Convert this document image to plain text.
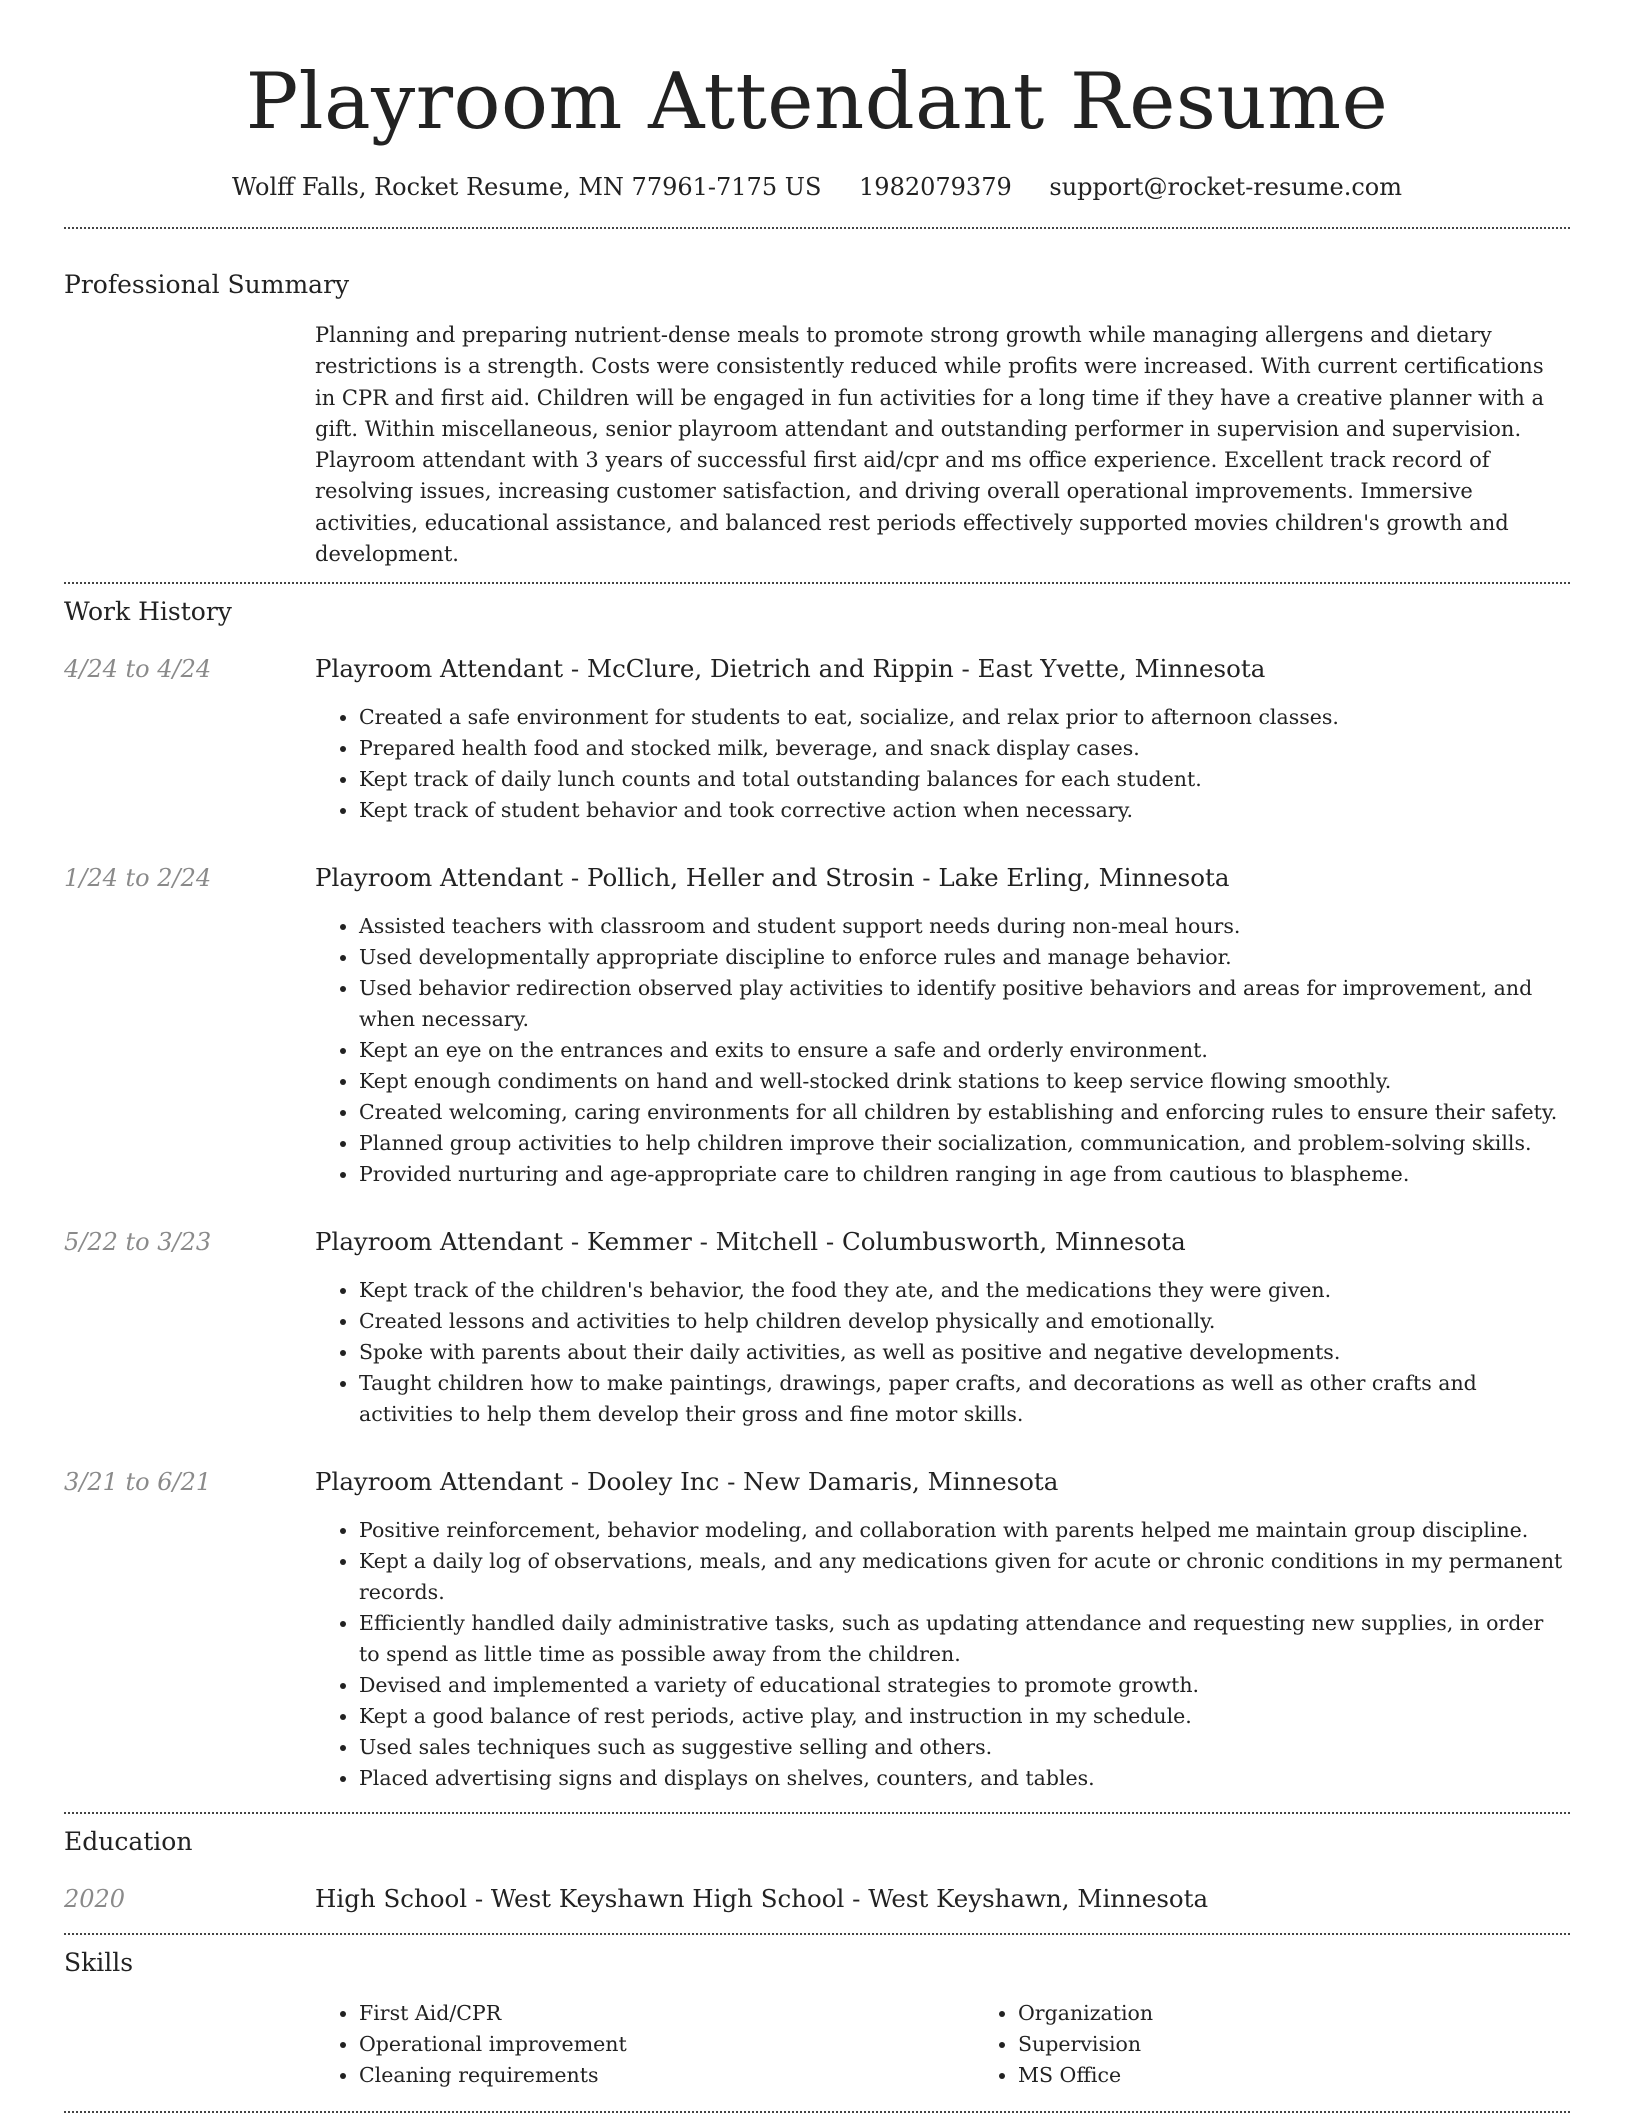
Playroom Attendant Resume
Wolff Falls, Rocket Resume, MN 77961-7175 US 1982079379 support@rocket-resume.com
Professional Summary

Planning and preparing nutrient-dense meals to promote strong growth while managing allergens and dietary restrictions is a strength. Costs were consistently reduced while profits were increased. With current certifications in CPR and first aid. Children will be engaged in fun activities for a long time if they have a creative planner with a gift. Within miscellaneous, senior playroom attendant and outstanding performer in supervision and supervision. Playroom attendant with 3 years of successful first aid/cpr and ms office experience. Excellent track record of resolving issues, increasing customer satisfaction, and driving overall operational improvements. Immersive activities, educational assistance, and balanced rest periods effectively supported movies children's growth and development.

Work History
4/24 to 4/24	Playroom Attendant - McClure, Dietrich and Rippin - East Yvette, Minnesota
• Created a safe environment for students to eat, socialize, and relax prior to afternoon classes.
• Prepared health food and stocked milk, beverage, and snack display cases.
• Kept track of daily lunch counts and total outstanding balances for each student.
• Kept track of student behavior and took corrective action when necessary.
1/24 to 2/24	Playroom Attendant - Pollich, Heller and Strosin - Lake Erling, Minnesota
• Assisted teachers with classroom and student support needs during non-meal hours.
• Used developmentally appropriate discipline to enforce rules and manage behavior.
• Used behavior redirection observed play activities to identify positive behaviors and areas for improvement, and when necessary.
• Kept an eye on the entrances and exits to ensure a safe and orderly environment.
• Kept enough condiments on hand and well-stocked drink stations to keep service flowing smoothly.
• Created welcoming, caring environments for all children by establishing and enforcing rules to ensure their safety.
• Planned group activities to help children improve their socialization, communication, and problem-solving skills.
• Provided nurturing and age-appropriate care to children ranging in age from cautious to blaspheme.
5/22 to 3/23	Playroom Attendant - Kemmer - Mitchell - Columbusworth, Minnesota
• Kept track of the children's behavior, the food they ate, and the medications they were given.
• Created lessons and activities to help children develop physically and emotionally.
• Spoke with parents about their daily activities, as well as positive and negative developments.
• Taught children how to make paintings, drawings, paper crafts, and decorations as well as other crafts and activities to help them develop their gross and fine motor skills.
3/21 to 6/21	Playroom Attendant - Dooley Inc - New Damaris, Minnesota
• Positive reinforcement, behavior modeling, and collaboration with parents helped me maintain group discipline.
• Kept a daily log of observations, meals, and any medications given for acute or chronic conditions in my permanent records.
• Efficiently handled daily administrative tasks, such as updating attendance and requesting new supplies, in order to spend as little time as possible away from the children.
• Devised and implemented a variety of educational strategies to promote growth.
• Kept a good balance of rest periods, active play, and instruction in my schedule.
• Used sales techniques such as suggestive selling and others.
• Placed advertising signs and displays on shelves, counters, and tables.
Education
2020	High School - West Keyshawn High School - West Keyshawn, Minnesota
Skills
• First Aid/CPR
• Operational improvement
• Cleaning requirements
• Organization
• Supervision
• MS Office
